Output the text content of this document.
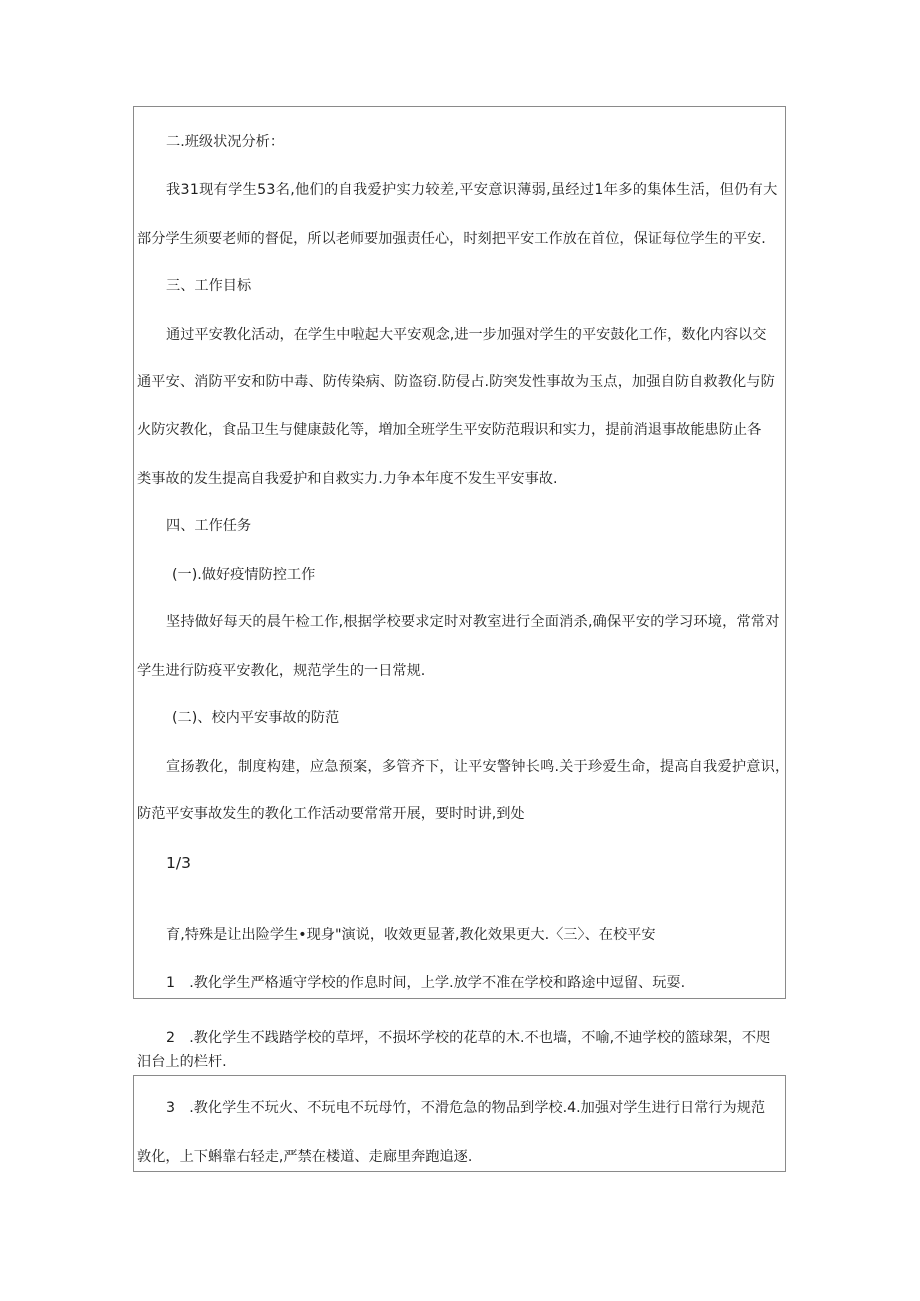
二.班级状况分析：
我31现有学生53名,他们的自我爱护实力较差,平安意识薄弱,虽经过1年多的集体生活，但仍有大
部分学生须要老师的督促，所以老师要加强责任心，时刻把平安工作放在首位，保证每位学生的平安.
三、工作目标
通过平安教化活动，在学生中啦起大平安观念,进一步加强对学生的平安鼓化工作，数化内容以交
通平安、消防平安和防中毒、防传染病、防盗窃.防侵占.防突发性事故为玉点，加强自防自救教化与防
火防灾教化，食品卫生与健康鼓化等，増加全班学生平安防范瑕识和实力，提前消退事故能患防止各
类事故的发生提高自我爱护和自救实力.力争本年度不发生平安事故.
四、工作任务
(一).做好疫情防控工作
坚持做好每天的晨午检工作,根据学校要求定时对教室进行全面消杀,确保平安的学习环境，常常对
学生进行防疫平安教化，规范学生的一日常规.
(二)、校内平安事故的防范
宣扬教化，制度构建，应急预案，多管齐下，让平安警钟长鸣.关于珍爱生命，提高自我爱护意识，
防范平安事故发生的教化工作活动要常常开展，要时时讲,到处
1/3
育,特殊是让出险学生•现身"演说，收效更显著,教化效果更大.〈三〉、在校平安
1　.教化学生严格遁守学校的作息时间，上学.放学不准在学校和路途中逗留、玩耍.
2　.教化学生不践踏学校的草坪，不损坏学校的花草的木.不也墙，不喻,不迪学校的篮球架，不咫
汨台上的栏杆.
3　.教化学生不玩火、不玩电不玩母竹，不滑危急的物品到学校.4.加强对学生进行日常行为规范
敦化，上下蝌靠右轻走,严禁在楼道、走廊里奔跑追逐.
